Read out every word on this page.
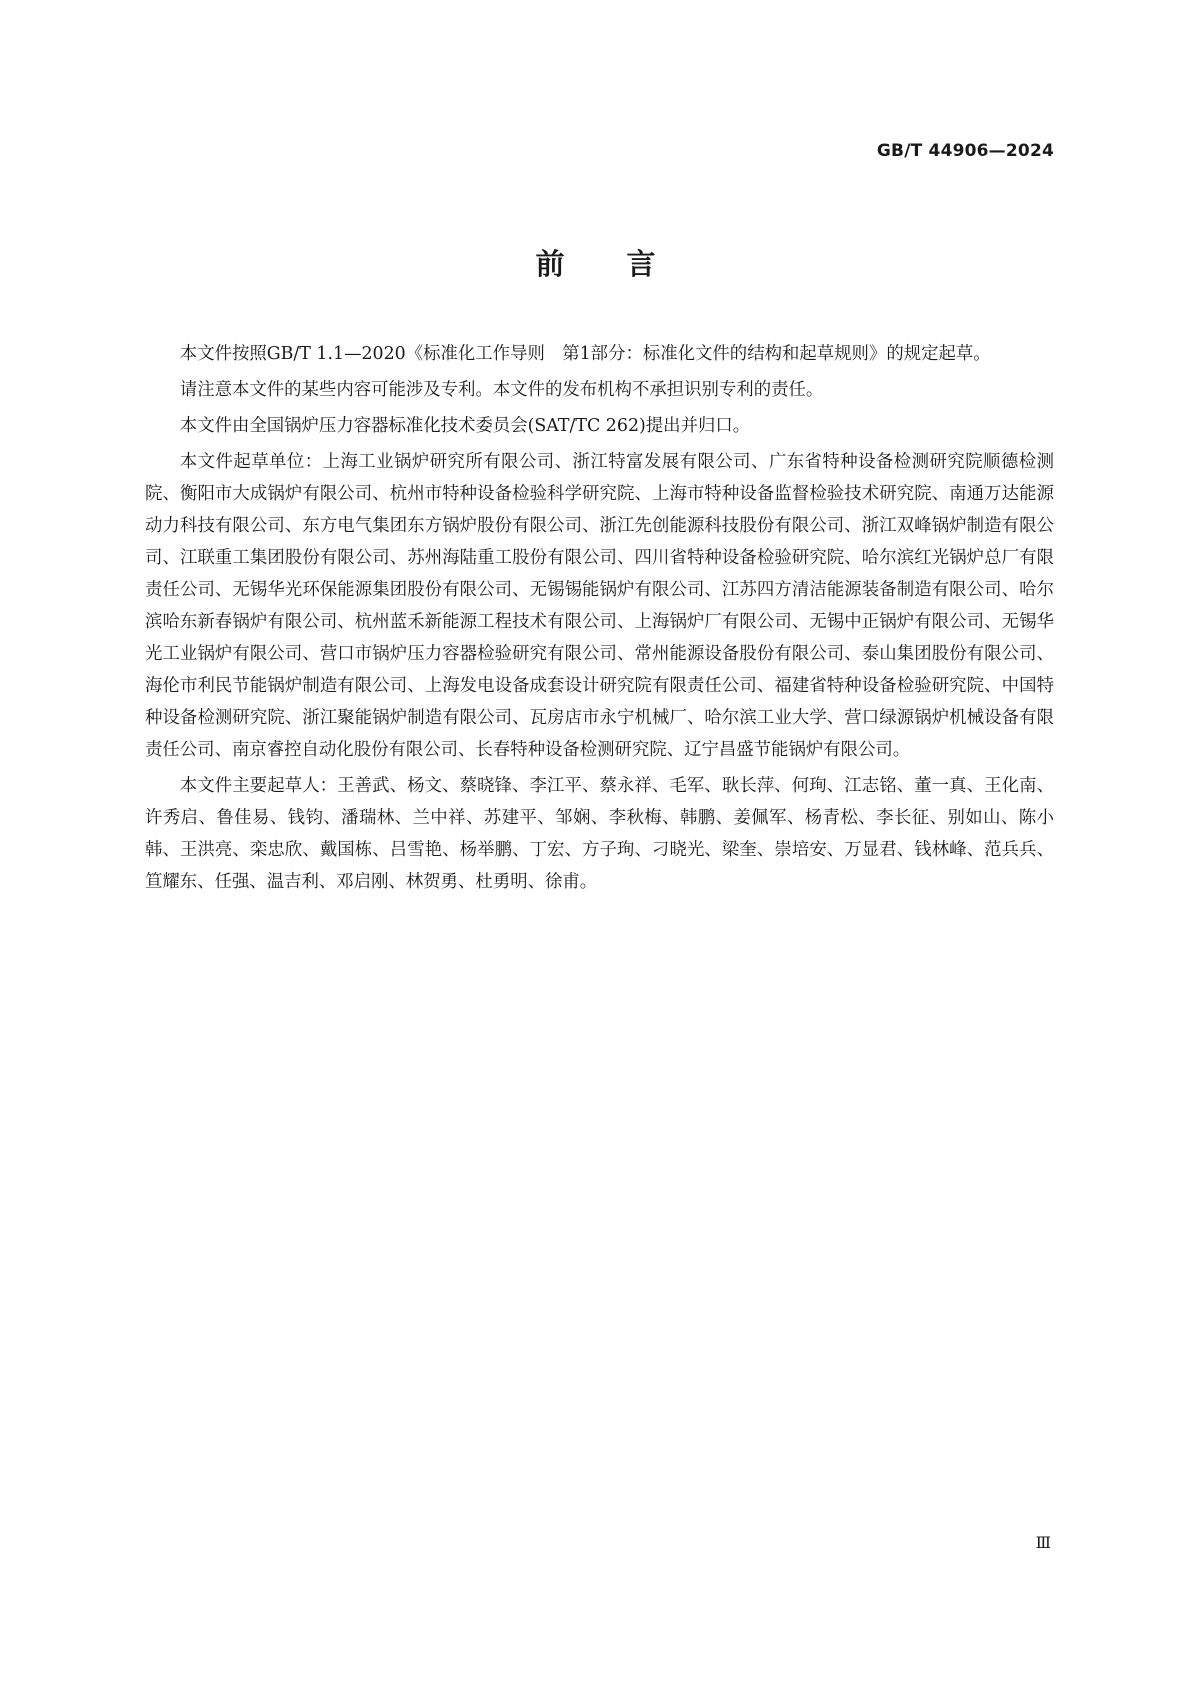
GB/T 44906—2024
前言

本文件按照GB/T 1.1—2020《标准化工作导则　第1部分：标准化文件的结构和起草规则》的规定起草。

请注意本文件的某些内容可能涉及专利。本文件的发布机构不承担识别专利的责任。

本文件由全国锅炉压力容器标准化技术委员会(SAT/TC 262)提出并归口。

本文件起草单位：上海工业锅炉研究所有限公司、浙江特富发展有限公司、广东省特种设备检测研究院顺德检测院、衡阳市大成锅炉有限公司、杭州市特种设备检验科学研究院、上海市特种设备监督检验技术研究院、南通万达能源动力科技有限公司、东方电气集团东方锅炉股份有限公司、浙江先创能源科技股份有限公司、浙江双峰锅炉制造有限公司、江联重工集团股份有限公司、苏州海陆重工股份有限公司、四川省特种设备检验研究院、哈尔滨红光锅炉总厂有限责任公司、无锡华光环保能源集团股份有限公司、无锡锡能锅炉有限公司、江苏四方清洁能源装备制造有限公司、哈尔滨哈东新春锅炉有限公司、杭州蓝禾新能源工程技术有限公司、上海锅炉厂有限公司、无锡中正锅炉有限公司、无锡华光工业锅炉有限公司、营口市锅炉压力容器检验研究有限公司、常州能源设备股份有限公司、泰山集团股份有限公司、海伦市利民节能锅炉制造有限公司、上海发电设备成套设计研究院有限责任公司、福建省特种设备检验研究院、中国特种设备检测研究院、浙江聚能锅炉制造有限公司、瓦房店市永宁机械厂、哈尔滨工业大学、营口绿源锅炉机械设备有限责任公司、南京睿控自动化股份有限公司、长春特种设备检测研究院、辽宁昌盛节能锅炉有限公司。

本文件主要起草人：王善武、杨文、蔡晓锋、李江平、蔡永祥、毛军、耿长萍、何珣、江志铭、董一真、王化南、许秀启、鲁佳易、钱钧、潘瑞林、兰中祥、苏建平、邹娴、李秋梅、韩鹏、姜佩军、杨青松、李长征、别如山、陈小韩、王洪亮、栾忠欣、戴国栋、吕雪艳、杨举鹏、丁宏、方子珣、刁晓光、梁奎、崇培安、万显君、钱林峰、范兵兵、笪耀东、任强、温吉利、邓启刚、林贺勇、杜勇明、徐甫。

Ⅲ
